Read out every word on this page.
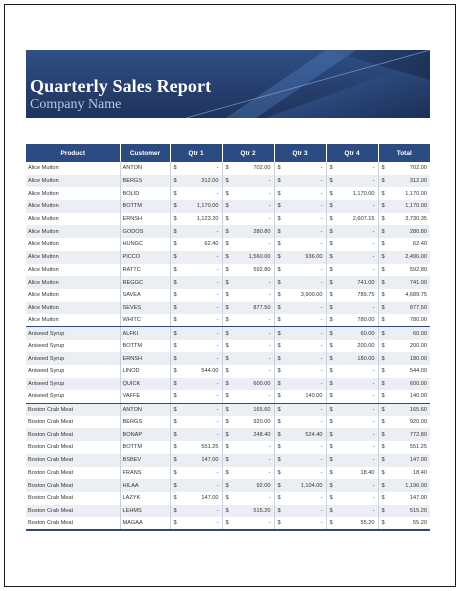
Quarterly Sales Report
Company Name
Product	Customer	Qtr 1	Qtr 2	Qtr 3	Qtr 4	Total
Alice Mutton	ANTON	$ -	$ 702.00	$ -	$ -	$ 702.00

Alice Mutton	BERGS	$ 312.00	$ -	$ -	$ -	$ 312.00

Alice Mutton	BOLID	$ -	$ -	$ -	$ 1,170.00	$ 1,170.00

Alice Mutton	BOTTM	$ 1,170.00	$ -	$ -	$ -	$ 1,170.00

Alice Mutton	ERNSH	$ 1,123.20	$ -	$ -	$ 2,607.15	$ 3,730.35

Alice Mutton	GODOS	$ -	$ 280.80	$ -	$ -	$ 280.80

Alice Mutton	HUNGC	$ 62.40	$ -	$ -	$ -	$ 62.40

Alice Mutton	PICCO	$ -	$ 1,560.00	$ 936.00	$ -	$ 2,496.00

Alice Mutton	RATTC	$ -	$ 592.80	$ -	$ -	$ 592.80

Alice Mutton	REGGC	$ -	$ -	$ -	$ 741.00	$ 741.00

Alice Mutton	SAVEA	$ -	$ -	$ 3,900.00	$ 789.75	$ 4,689.75

Alice Mutton	SEVES	$ -	$ 877.50	$ -	$ -	$ 877.50

Alice Mutton	WHITC	$ -	$ -	$ -	$ 780.00	$ 780.00

Aniseed Syrup	ALFKI	$ -	$ -	$ -	$ 60.00	$ 60.00

Aniseed Syrup	BOTTM	$ -	$ -	$ -	$ 200.00	$ 200.00

Aniseed Syrup	ERNSH	$ -	$ -	$ -	$ 180.00	$ 180.00

Aniseed Syrup	LINOD	$ 544.00	$ -	$ -	$ -	$ 544.00

Aniseed Syrup	QUICK	$ -	$ 600.00	$ -	$ -	$ 600.00

Aniseed Syrup	VAFFE	$ -	$ -	$ 140.00	$ -	$ 140.00

Boston Crab Meat	ANTON	$ -	$ 165.60	$ -	$ -	$ 165.60

Boston Crab Meat	BERGS	$ -	$ 920.00	$ -	$ -	$ 920.00

Boston Crab Meat	BONAP	$ -	$ 248.40	$ 524.40	$ -	$ 772.80

Boston Crab Meat	BOTTM	$ 551.25	$ -	$ -	$ -	$ 551.25

Boston Crab Meat	BSBEV	$ 147.00	$ -	$ -	$ -	$ 147.00

Boston Crab Meat	FRANS	$ -	$ -	$ -	$ 18.40	$ 18.40

Boston Crab Meat	HILAA	$ -	$ 92.00	$ 1,104.00	$ -	$ 1,196.00

Boston Crab Meat	LAZYK	$ 147.00	$ -	$ -	$ -	$ 147.00

Boston Crab Meat	LEHMS	$ -	$ 515.20	$ -	$ -	$ 515.20

Boston Crab Meat	MAGAA	$ -	$ -	$ -	$ 55.20	$ 55.20
